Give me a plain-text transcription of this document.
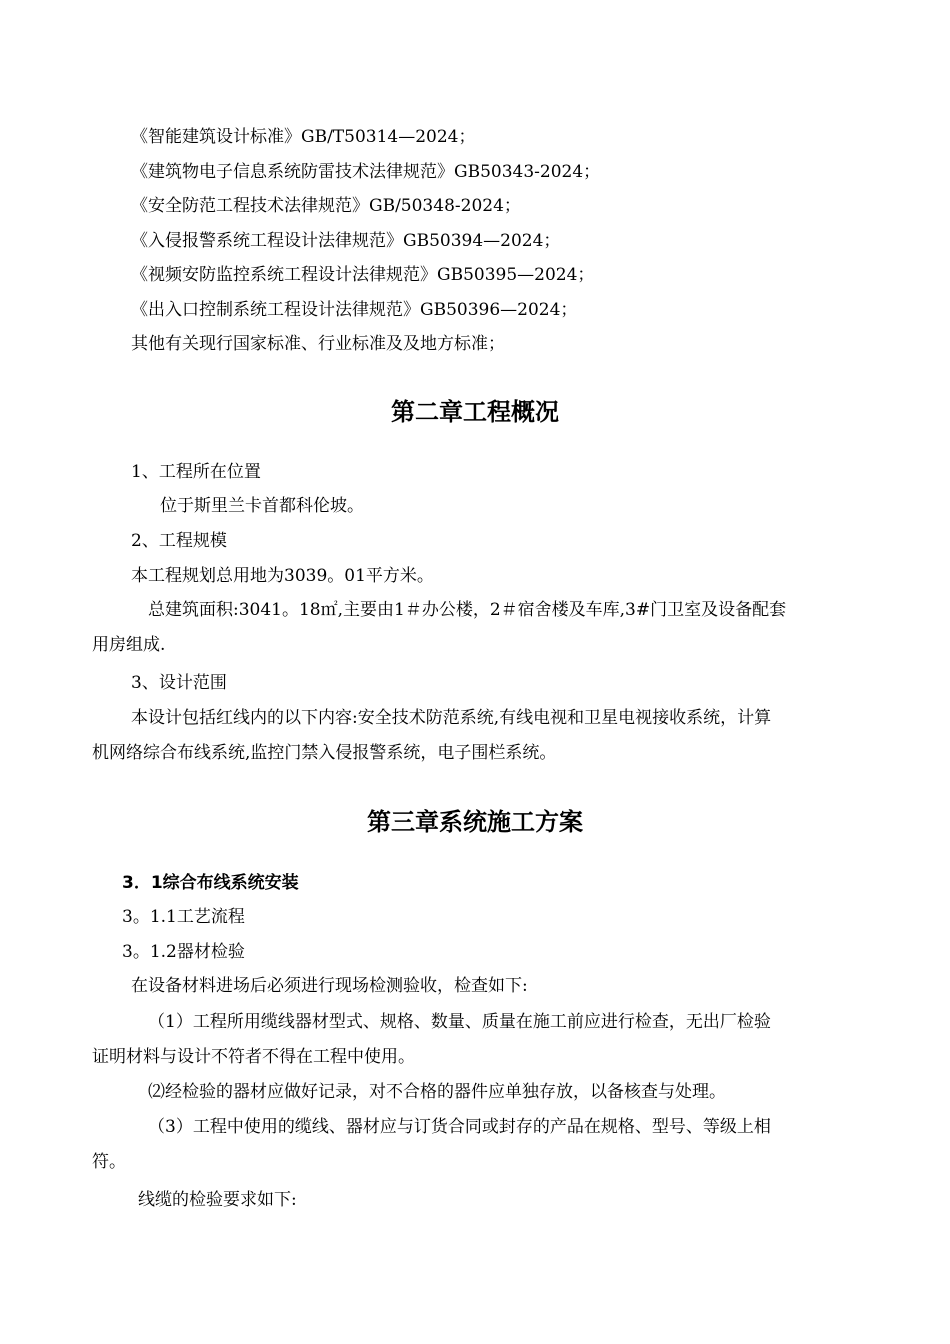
《智能建筑设计标准》GB/T50314—2024；
《建筑物电子信息系统防雷技术法律规范》GB50343-2024；
《安全防范工程技术法律规范》GB/50348-2024；
《入侵报警系统工程设计法律规范》GB50394—2024；
《视频安防监控系统工程设计法律规范》GB50395—2024；
《出入口控制系统工程设计法律规范》GB50396—2024；
其他有关现行国家标准、行业标准及及地方标准；
第二章工程概况
1、工程所在位置
位于斯里兰卡首都科伦坡。
2、工程规模
本工程规划总用地为3039。01平方米。
总建筑面积:3041。18㎡,主要由1＃办公楼，2＃宿舍楼及车库,3#门卫室及设备配套
用房组成.
3、设计范围
本设计包括红线内的以下内容:安全技术防范系统,有线电视和卫星电视接收系统，计算
机网络综合布线系统,监控门禁入侵报警系统，电子围栏系统。
第三章系统施工方案
3．1综合布线系统安装
3。1.1工艺流程
3。1.2器材检验
在设备材料进场后必须进行现场检测验收，检查如下:
（1）工程所用缆线器材型式、规格、数量、质量在施工前应进行检查，无出厂检验
证明材料与设计不符者不得在工程中使用。
⑵经检验的器材应做好记录，对不合格的器件应单独存放，以备核查与处理。
（3）工程中使用的缆线、器材应与订货合同或封存的产品在规格、型号、等级上相
符。
线缆的检验要求如下:
